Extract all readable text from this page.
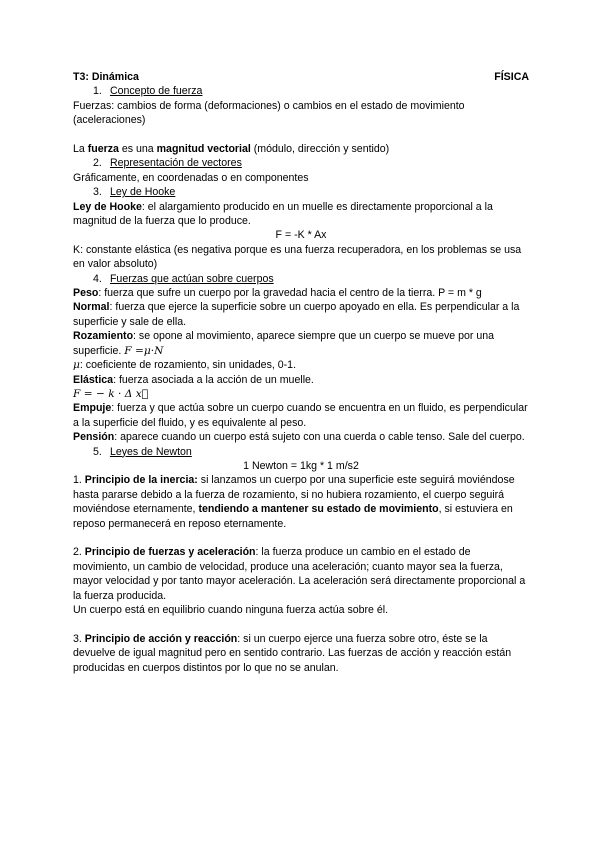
T3: Dinámica	FÍSICA

1. Concepto de fuerza

Fuerzas: cambios de forma (deformaciones) o cambios en el estado de movimiento

(aceleraciones)

La fuerza es una magnitud vectorial (módulo, dirección y sentido)

2. Representación de vectores

Gráficamente, en coordenadas o en componentes

3. Ley de Hooke

Ley de Hooke: el alargamiento producido en un muelle es directamente proporcional a la magnitud de la fuerza que lo produce.

F = -K * Ax

K: constante elástica (es negativa porque es una fuerza recuperadora, en los problemas se usa en valor absoluto)

4. Fuerzas que actúan sobre cuerpos

Peso: fuerza que sufre un cuerpo por la gravedad hacia el centro de la tierra. P = m * g

Normal: fuerza que ejerce la superficie sobre un cuerpo apoyado en ella. Es perpendicular a la superficie y sale de ella.

Rozamiento: se opone al movimiento, aparece siempre que un cuerpo se mueve por una superficie. F =μ·N

μ: coeficiente de rozamiento, sin unidades, 0-1.

Elástica: fuerza asociada a la acción de un muelle.

F = − k · Δ x⃗

Empuje: fuerza y que actúa sobre un cuerpo cuando se encuentra en un fluido, es perpendicular a la superficie del fluido, y es equivalente al peso.

Pensión: aparece cuando un cuerpo está sujeto con una cuerda o cable tenso. Sale del cuerpo.

5. Leyes de Newton

1 Newton = 1kg * 1 m/s2

1. Principio de la inercia: si lanzamos un cuerpo por una superficie este seguirá moviéndose hasta pararse debido a la fuerza de rozamiento, si no hubiera rozamiento, el cuerpo seguirá moviéndose eternamente, tendiendo a mantener su estado de movimiento, si estuviera en reposo permanecerá en reposo eternamente.

2. Principio de fuerzas y aceleración: la fuerza produce un cambio en el estado de movimiento, un cambio de velocidad, produce una aceleración; cuanto mayor sea la fuerza, mayor velocidad y por tanto mayor aceleración. La aceleración será directamente proporcional a la fuerza producida.

Un cuerpo está en equilibrio cuando ninguna fuerza actúa sobre él.

3. Principio de acción y reacción: si un cuerpo ejerce una fuerza sobre otro, éste se la devuelve de igual magnitud pero en sentido contrario. Las fuerzas de acción y reacción están producidas en cuerpos distintos por lo que no se anulan.
